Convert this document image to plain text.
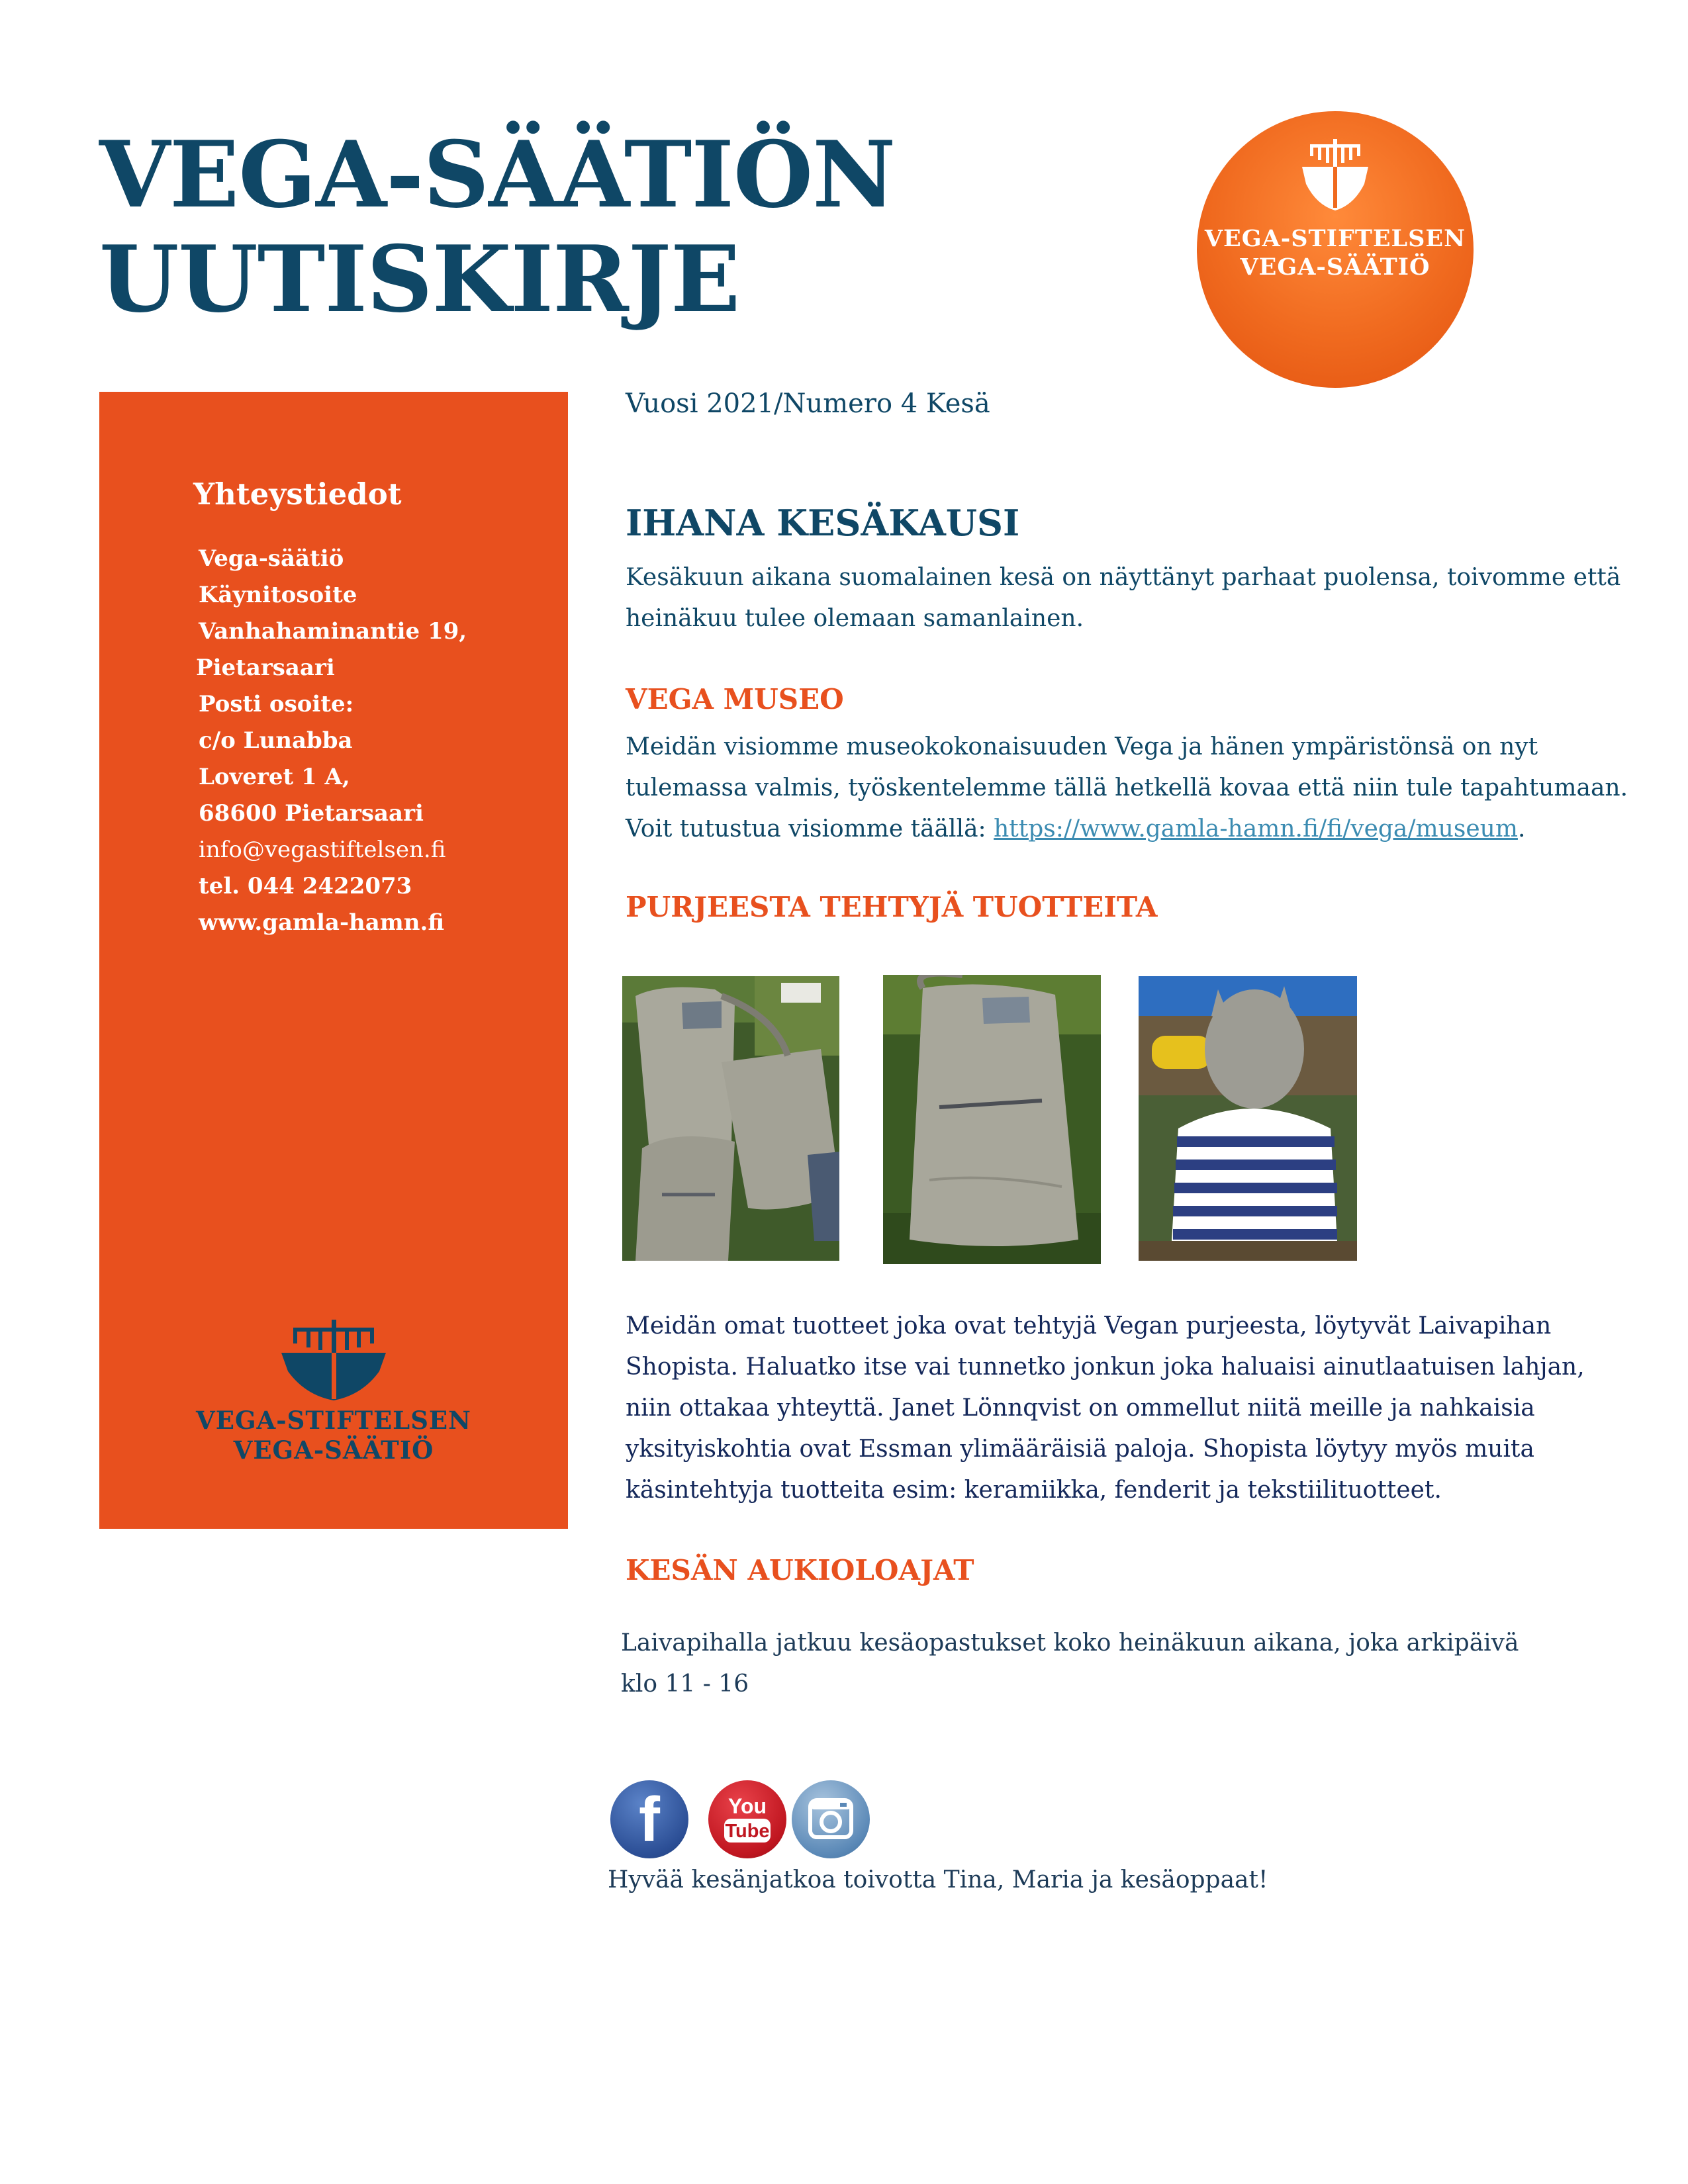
VEGA-SÄÄTIÖN
UUTISKIRJE	VEGA-STIFTELSEN
VEGA-SÄÄTIÖ
Yhteystiedot
Vega-säätiö
Käynitosoite
Vanhahaminantie 19,
Pietarsaari
Posti osoite:
c/o Lunabba
Loveret 1 A,
68600 Pietarsaari
info@vegastiftelsen.fi
tel. 044 2422073
www.gamla-hamn.fi
VEGA-STIFTELSEN
VEGA-SÄÄTIÖ
Vuosi 2021/Numero 4 Kesä
IHANA KESÄKAUSI
Kesäkuun aikana suomalainen kesä on näyttänyt parhaat puolensa, toivomme että
heinäkuu tulee olemaan samanlainen.
VEGA MUSEO
Meidän visiomme museokokonaisuuden Vega ja hänen ympäristönsä on nyt
tulemassa valmis, työskentelemme tällä hetkellä kovaa että niin tule tapahtumaan.
Voit tutustua visiomme täällä: https://www.gamla-hamn.fi/fi/vega/museum.
PURJEESTA TEHTYJÄ TUOTTEITA
Meidän omat tuotteet joka ovat tehtyjä Vegan purjeesta, löytyvät Laivapihan
Shopista. Haluatko itse vai tunnetko jonkun joka haluaisi ainutlaatuisen lahjan,
niin ottakaa yhteyttä. Janet Lönnqvist on ommellut niitä meille ja nahkaisia
yksityiskohtia ovat Essman ylimääräisiä paloja. Shopista löytyy myös muita
käsintehtyja tuotteita esim: keramiikka, fenderit ja tekstiilituotteet.
KESÄN AUKIOLOAJAT
Laivapihalla jatkuu kesäopastukset koko heinäkuun aikana, joka arkipäivä
klo 11 - 16
f	You
Tube
Hyvää kesänjatkoa toivotta Tina, Maria ja kesäoppaat!
